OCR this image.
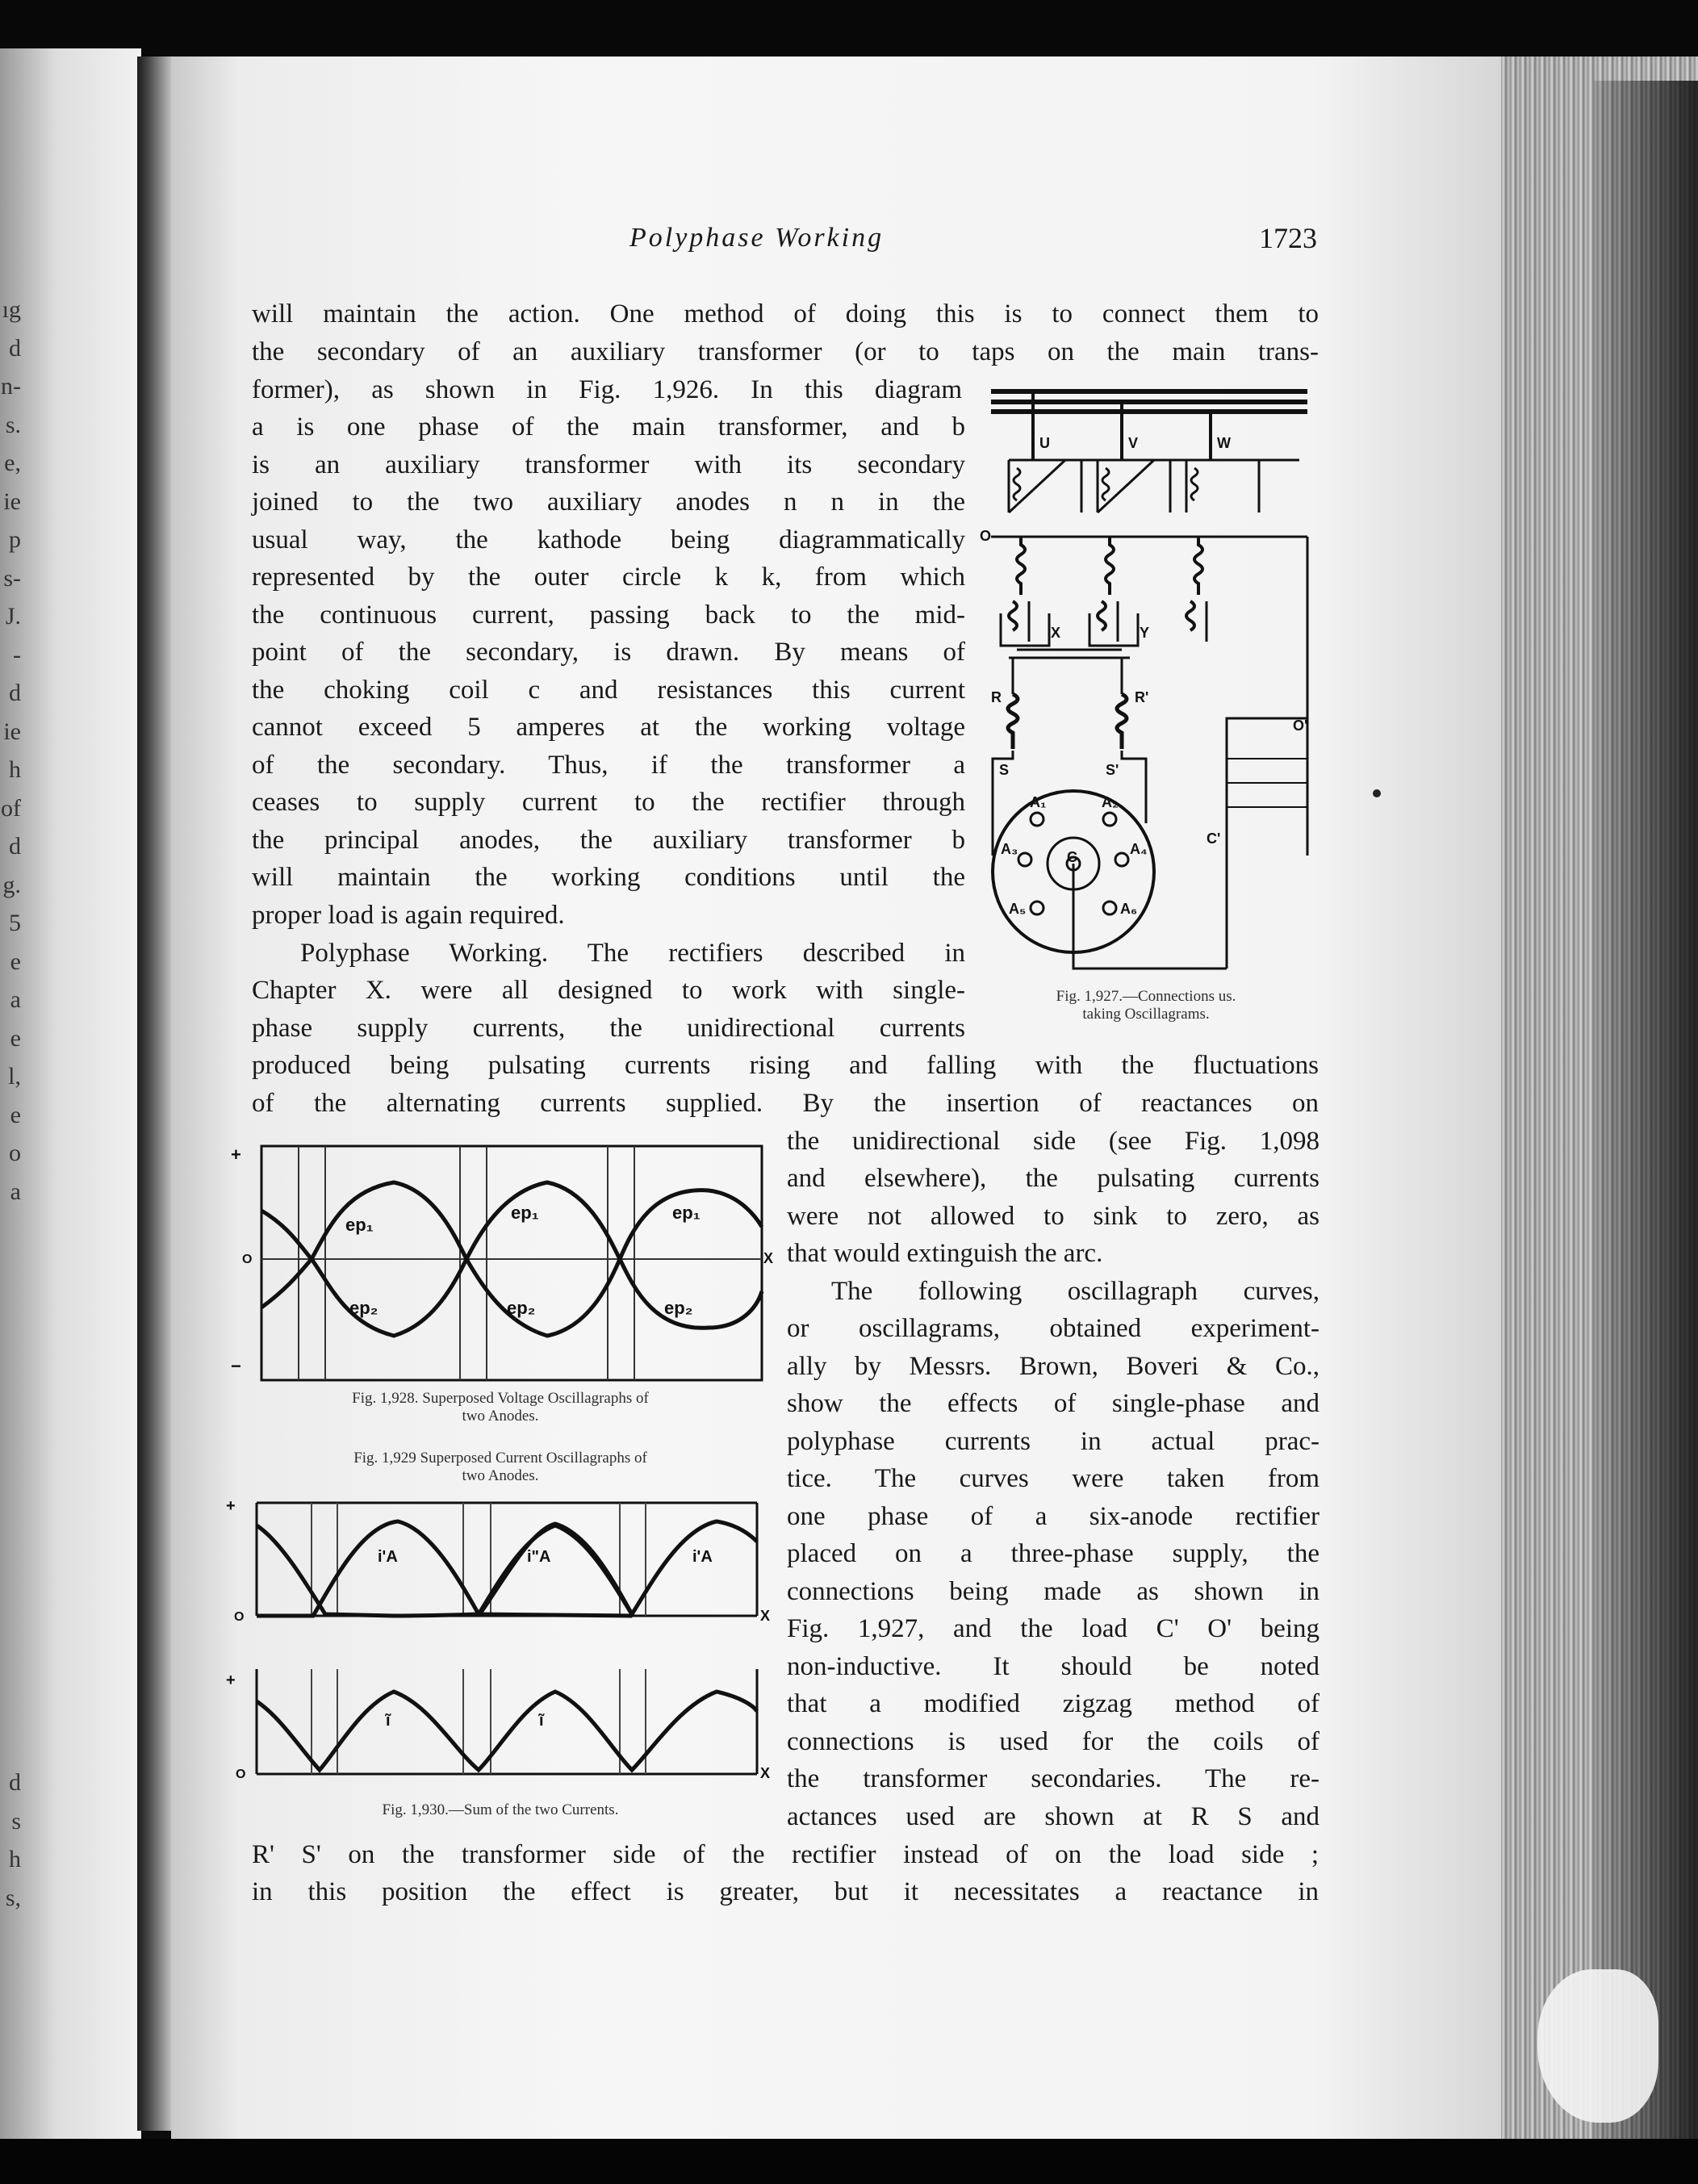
ıg
d
n-
s.
e,
ie
p
s-
J.
-
d
ie
h
of
d
g.
5
e
a
e
l,
e
o
a
d
s
h
s,
Polyphase Working	1723
will maintain the action. One method of doing this is to connect them to
the secondary of an auxiliary transformer (or to taps on the main trans-
former), as shown in Fig. 1,926. In this diagram
a is one phase of the main transformer, and b
is an auxiliary transformer with its secondary
joined to the two auxiliary anodes n n in the
usual way, the kathode being diagrammatically
represented by the outer circle k k, from which
the continuous current, passing back to the mid-
point of the secondary, is drawn. By means of
the choking coil c and resistances this current
cannot exceed 5 amperes at the working voltage
of the secondary. Thus, if the transformer a
ceases to supply current to the rectifier through
the principal anodes, the auxiliary transformer b
will maintain the working conditions until the
proper load is again required.
Polyphase Working. The rectifiers described in
Chapter X. were all designed to work with single-
phase supply currents, the unidirectional currents
produced being pulsating currents rising and falling with the fluctuations
of the alternating currents supplied. By the insertion of reactances on
the unidirectional side (see Fig. 1,098
and elsewhere), the pulsating currents
were not allowed to sink to zero, as
that would extinguish the arc.
The following oscillagraph curves,
or oscillagrams, obtained experiment-
ally by Messrs. Brown, Boveri & Co.,
show the effects of single-phase and
polyphase currents in actual prac-
tice. The curves were taken from
one phase of a six-anode rectifier
placed on a three-phase supply, the
connections being made as shown in
Fig. 1,927, and the load C' O' being
non-inductive. It should be noted
that a modified zigzag method of
connections is used for the coils of
the transformer secondaries. The re-
actances used are shown at R S and
R' S' on the transformer side of the rectifier instead of on the load side ;
in this position the effect is greater, but it necessitates a reactance in
U	V	W
O
X	Y
R	R'
S	S'
C
C'
O'
A₁	A₂
A₃	A₄
A₅	A₆
Fig. 1,927.—Connections us.
taking Oscillagrams.
+
O	X
−
ep₁
ep₂
ep₁
ep₂
ep₁
ep₂
Fig. 1,928. Superposed Voltage Oscillagraphs of
two Anodes.
Fig. 1,929 Superposed Current Oscillagraphs of
two Anodes.
+
O	X
i'A	i"A	i'A
+
O	X
ĩ	ĩ
Fig. 1,930.—Sum of the two Currents.
